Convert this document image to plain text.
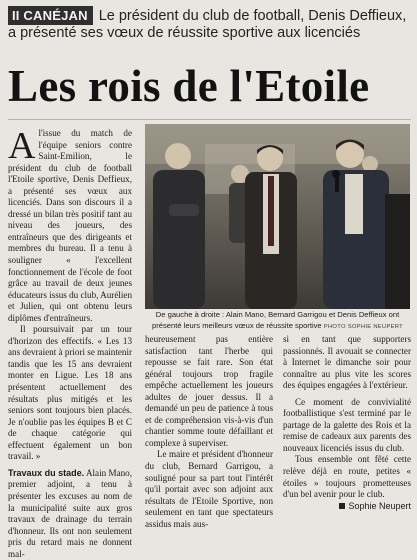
II CANÉJAN Le président du club de football, Denis Deffieux, a présenté ses vœux de réussite sportive aux licenciés
Les rois de l'Etoile

Al'issue du match de l'équipe seniors contre Saint-Emilion, le président du club de football l'Etoile sportive, Denis Deffieux, a présenté ses vœux aux licenciés. Dans son discours il a dressé un bilan très positif tant au niveau des joueurs, des entraîneurs que des dirigeants et membres du bureau. Il a tenu à souligner « l'excellent fonctionnement de l'école de foot grâce au travail de deux jeunes éducateurs issus du club, Aurélien et Julien, qui ont obtenu leurs diplômes d'entraîneurs.

Il poursuivait par un tour d'horizon des effectifs. « Les 13 ans devraient à priori se maintenir tandis que les 15 ans devraient monter en Ligue. Les 18 ans présentent actuellement des résultats plus mitigés et les seniors sont toujours bien placés. Je n'oublie pas les équipes B et C de chaque catégorie qui effectuent également un bon travail. »

Travaux du stade. Alain Mano, premier adjoint, a tenu à présenter les excuses au nom de la municipalité suite aux gros travaux de drainage du terrain d'honneur. Ils ont non seulement pris du retard mais ne donnent mal-

De gauche à droite : Alain Mano, Bernard Garrigou et Denis Deffieux ont présenté leurs meilleurs vœux de réussite sportive PHOTO SOPHIE NEUPERT

heureusement pas entière satisfaction tant l'herbe qui repousse se fait rare. Son état général toujours trop fragile empêche actuellement les joueurs adultes de jouer dessus. Il a demandé un peu de patience à tous et de compréhension vis-à-vis d'un chantier somme toute défaillant et complexe à superviser.

Le maire et président d'honneur du club, Bernard Garrigou, a souligné pour sa part tout l'intérêt qu'il portait avec son adjoint aux résultats de l'Etoile Sportive, non seulement en tant que spectateurs assidus mais aus-

si en tant que supporters passionnés. Il avouait se connecter à Internet le dimanche soir pour connaître au plus vite les scores des équipes engagées à l'extérieur.

Ce moment de convivialité footballistique s'est terminé par le partage de la galette des Rois et la remise de cadeaux aux parents des nouveaux licenciés issus du club.

Tous ensemble ont fêté cette relève déjà en route, petites « étoiles » toujours prometteuses d'un bel avenir pour le club.

Sophie Neupert
